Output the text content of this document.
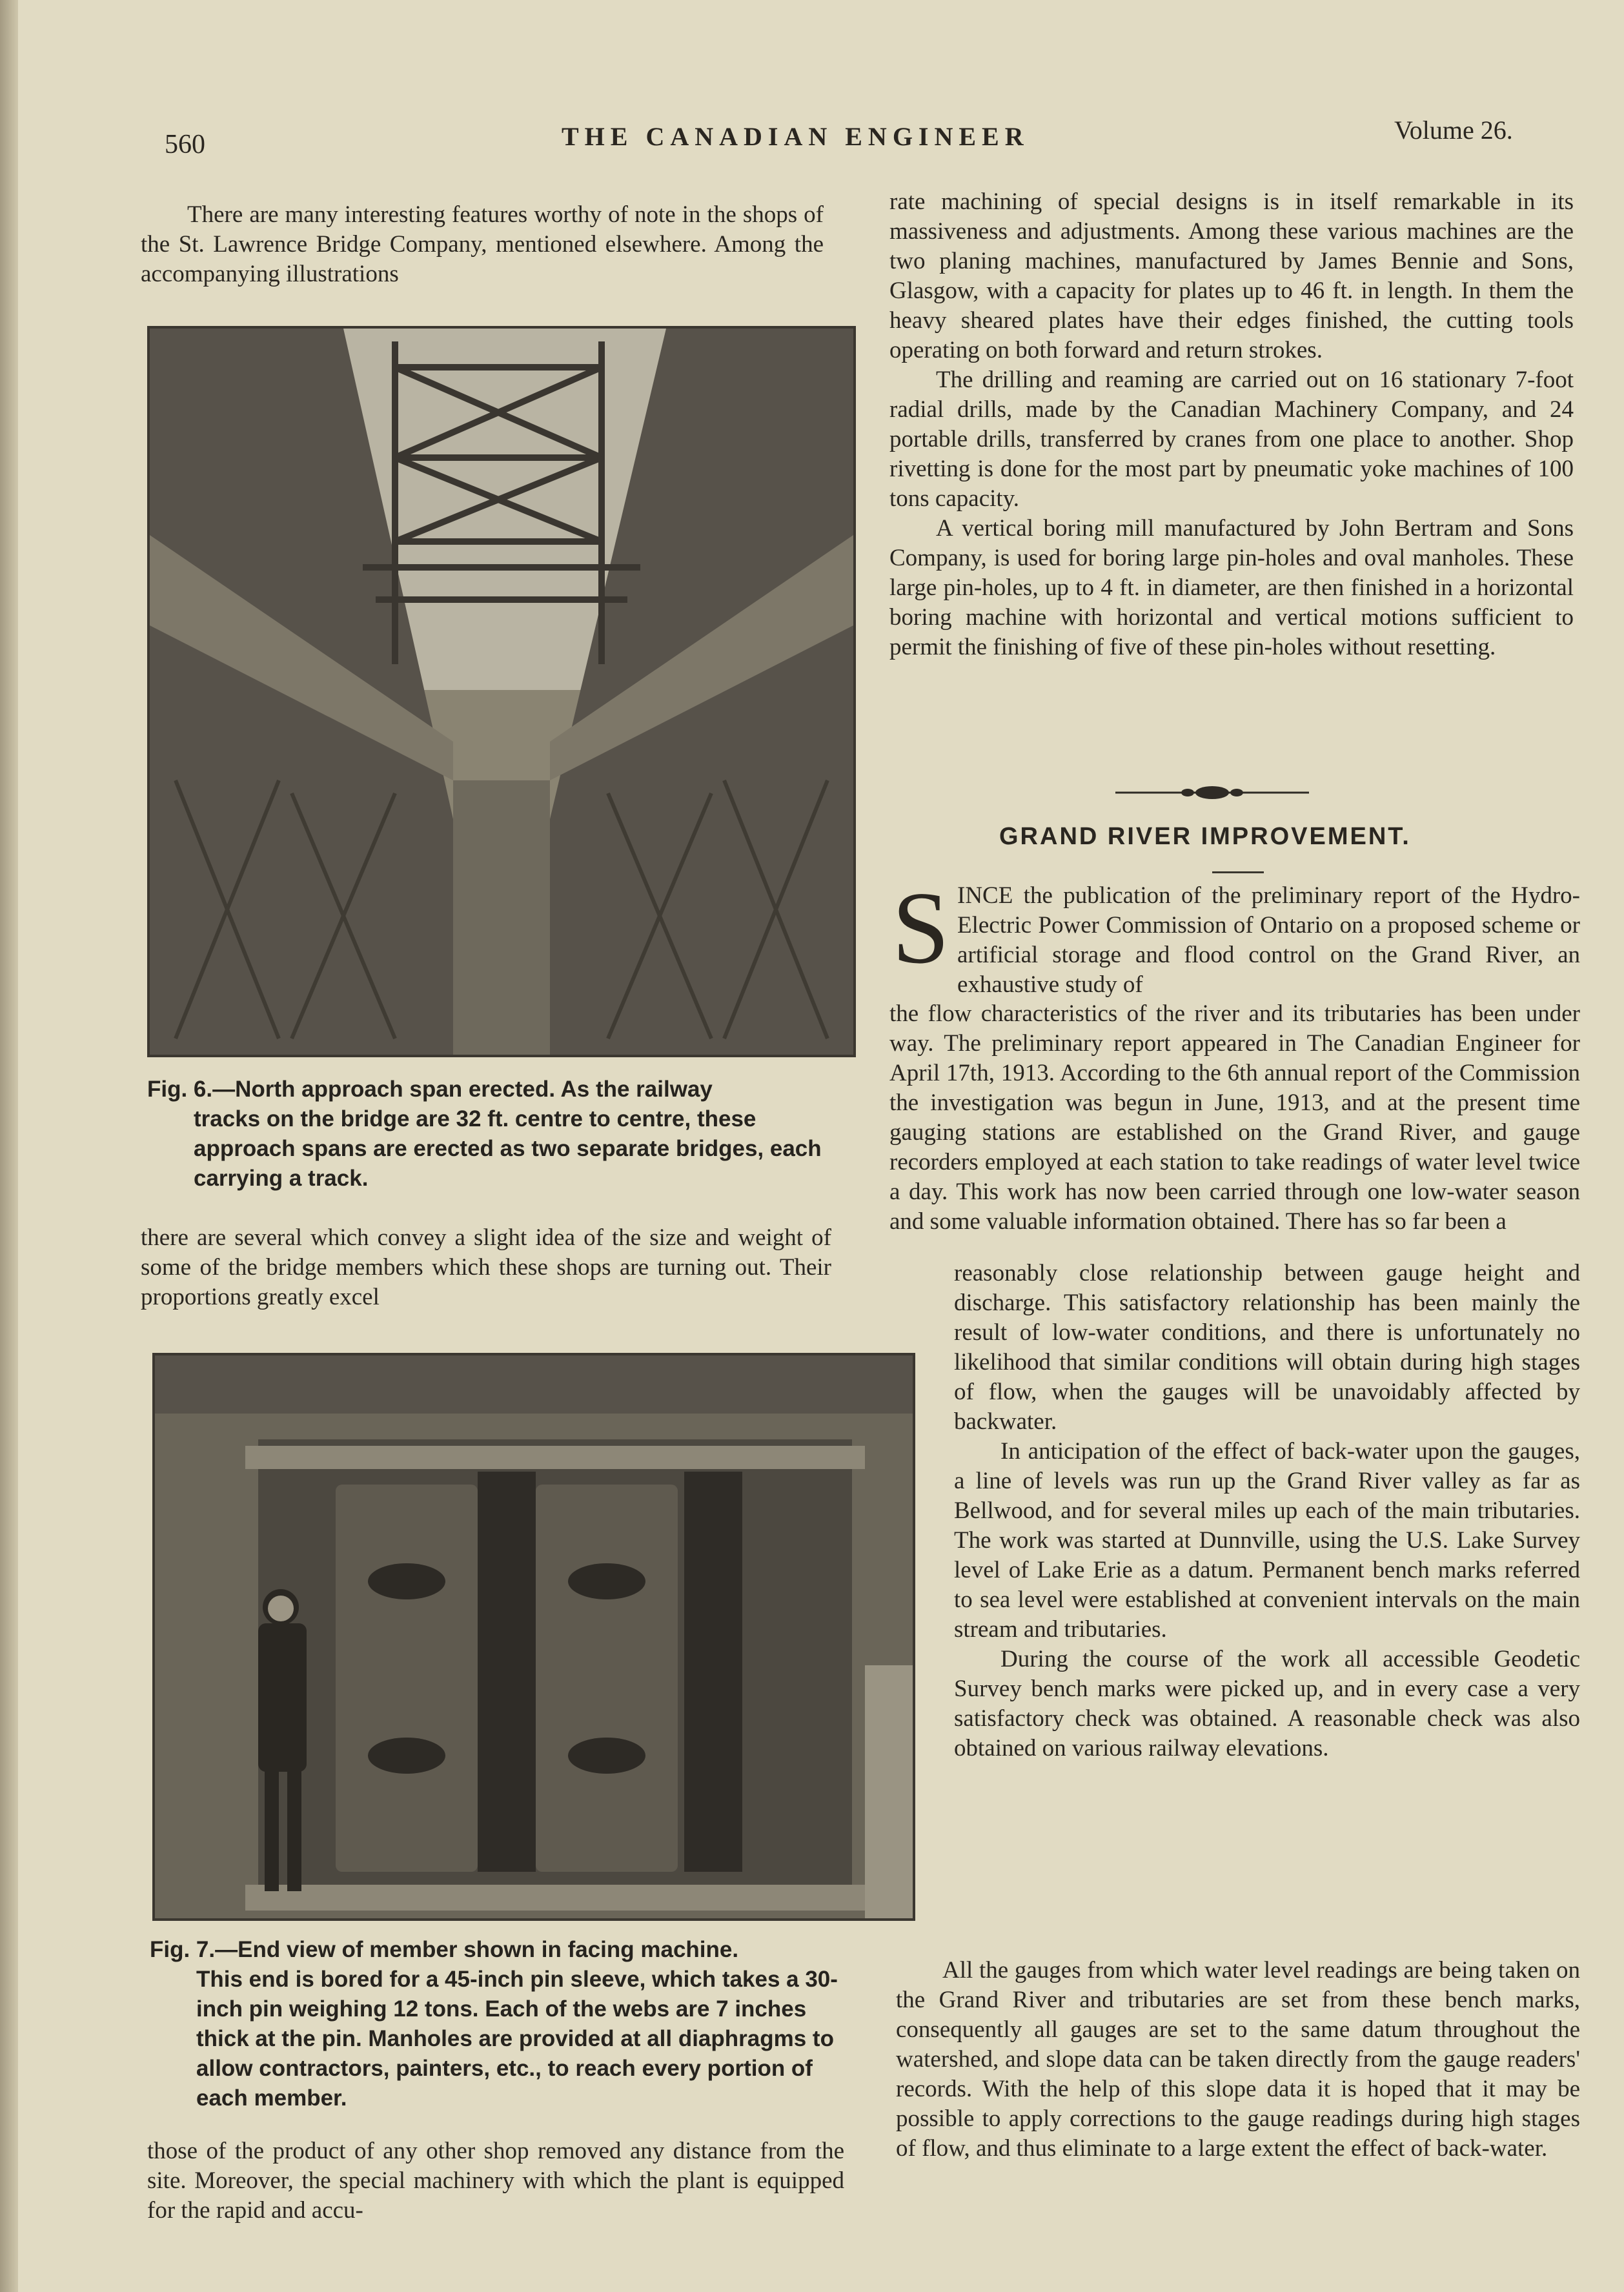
560	THE CANADIAN ENGINEER	Volume 26.

There are many interesting features worthy of note in the shops of the St. Lawrence Bridge Company, mentioned elsewhere. Among the accompanying illustrations

Fig. 6.—North approach span erected. As the railway
tracks on the bridge are 32 ft. centre to centre, these approach spans are erected as two separate bridges, each carrying a track.

there are several which convey a slight idea of the size and weight of some of the bridge members which these shops are turning out. Their proportions greatly excel

Fig. 7.—End view of member shown in facing machine.
This end is bored for a 45-inch pin sleeve, which takes a 30-inch pin weighing 12 tons. Each of the webs are 7 inches thick at the pin. Manholes are provided at all diaphragms to allow contractors, painters, etc., to reach every portion of each member.

those of the product of any other shop removed any distance from the site. Moreover, the special machinery with which the plant is equipped for the rapid and accu-

rate machining of special designs is in itself remarkable in its massiveness and adjustments. Among these various machines are the two planing machines, manufactured by James Bennie and Sons, Glasgow, with a capacity for plates up to 46 ft. in length. In them the heavy sheared plates have their edges finished, the cutting tools operating on both forward and return strokes.

The drilling and reaming are carried out on 16 stationary 7-foot radial drills, made by the Canadian Machinery Company, and 24 portable drills, transferred by cranes from one place to another. Shop rivetting is done for the most part by pneumatic yoke machines of 100 tons capacity.

A vertical boring mill manufactured by John Bertram and Sons Company, is used for boring large pin-holes and oval manholes. These large pin-holes, up to 4 ft. in diameter, are then finished in a horizontal boring machine with horizontal and vertical motions sufficient to permit the finishing of five of these pin-holes without resetting.

GRAND RIVER IMPROVEMENT.
S INCE the publication of the preliminary report of the Hydro-Electric Power Commission of Ontario on a proposed scheme or artificial storage and flood control on the Grand River, an exhaustive study of

the flow characteristics of the river and its tributaries has been under way. The preliminary report appeared in The Canadian Engineer for April 17th, 1913. According to the 6th annual report of the Commission the investigation was begun in June, 1913, and at the present time gauging stations are established on the Grand River, and gauge recorders employed at each station to take readings of water level twice a day. This work has now been carried through one low-water season and some valuable information obtained. There has so far been a

reasonably close relationship between gauge height and discharge. This satisfactory relationship has been mainly the result of low-water conditions, and there is unfortunately no likelihood that similar conditions will obtain during high stages of flow, when the gauges will be unavoidably affected by backwater.

In anticipation of the effect of back-water upon the gauges, a line of levels was run up the Grand River valley as far as Bellwood, and for several miles up each of the main tributaries. The work was started at Dunnville, using the U.S. Lake Survey level of Lake Erie as a datum. Permanent bench marks referred to sea level were established at convenient intervals on the main stream and tributaries.

During the course of the work all accessible Geodetic Survey bench marks were picked up, and in every case a very satisfactory check was obtained. A reasonable check was also obtained on various railway elevations.

All the gauges from which water level readings are being taken on the Grand River and tributaries are set from these bench marks, consequently all gauges are set to the same datum throughout the watershed, and slope data can be taken directly from the gauge readers' records. With the help of this slope data it is hoped that it may be possible to apply corrections to the gauge readings during high stages of flow, and thus eliminate to a large extent the effect of back-water.
